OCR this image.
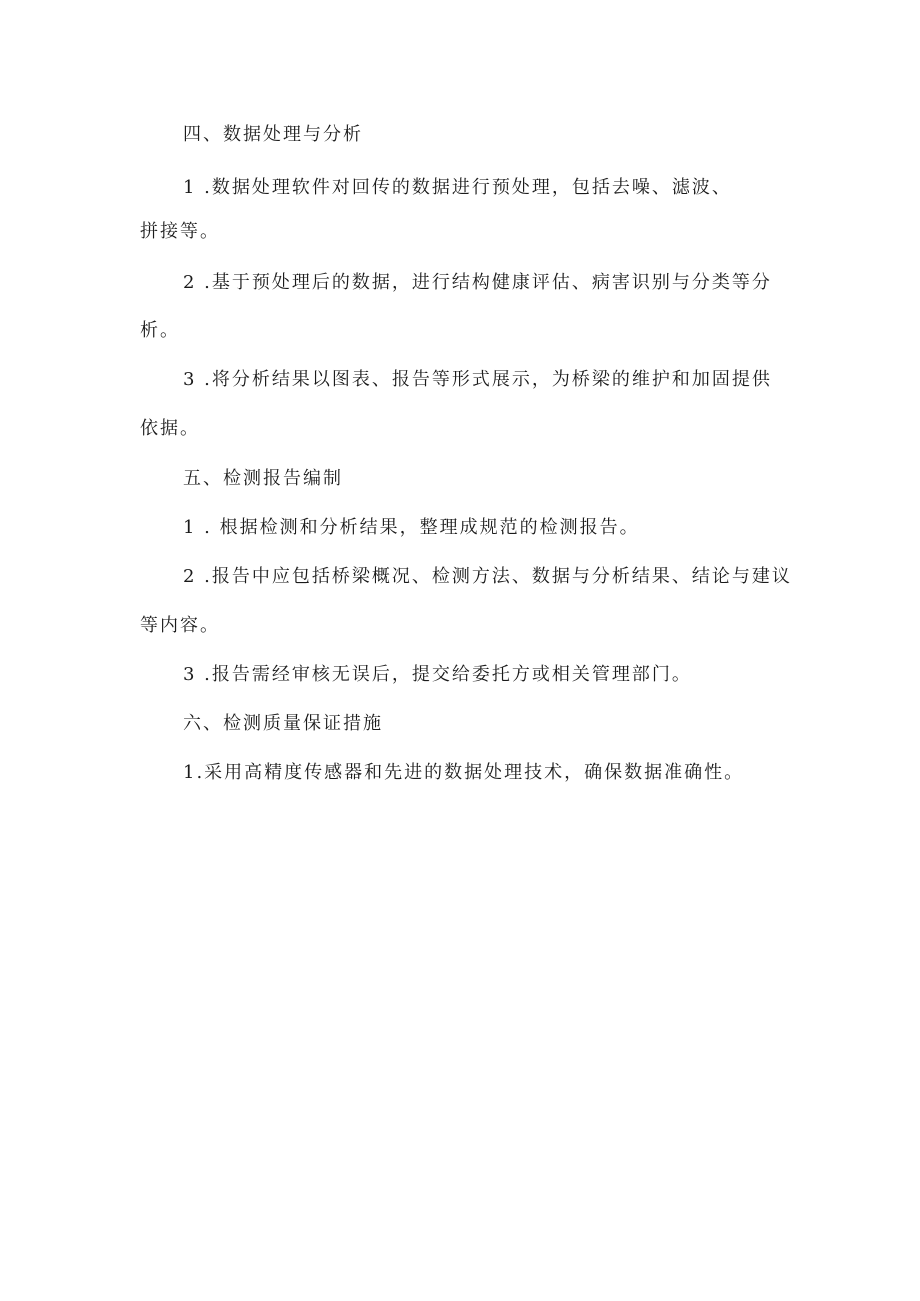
四、数据处理与分析
1 .数据处理软件对回传的数据进行预处理，包括去噪、滤波、
拼接等。
2 .基于预处理后的数据，进行结构健康评估、病害识别与分类等分
析。
3 .将分析结果以图表、报告等形式展示，为桥梁的维护和加固提供
依据。
五、检测报告编制
1 . 根据检测和分析结果，整理成规范的检测报告。
2 .报告中应包括桥梁概况、检测方法、数据与分析结果、结论与建议
等内容。
3 .报告需经审核无误后，提交给委托方或相关管理部门。
六、检测质量保证措施
1.采用高精度传感器和先进的数据处理技术，确保数据准确性。
